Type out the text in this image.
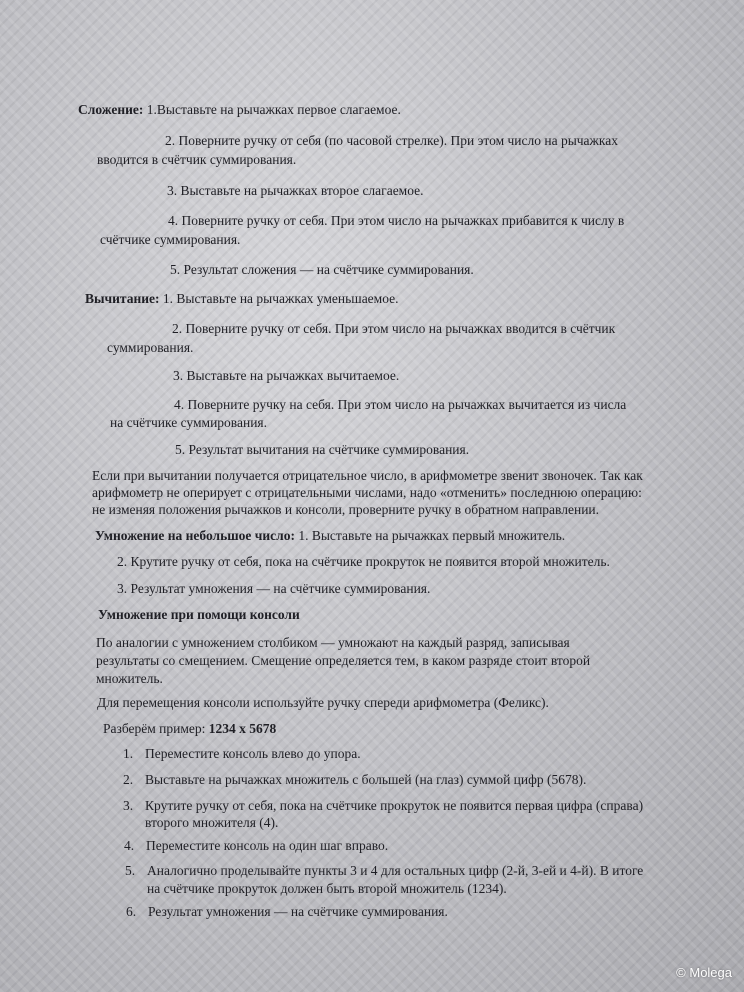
Сложение: 1.Выставьте на рычажках первое слагаемое.
2. Поверните ручку от себя (по часовой стрелке). При этом число на рычажках
вводится в счётчик суммирования.
3. Выставьте на рычажках второе слагаемое.
4. Поверните ручку от себя. При этом число на рычажках прибавится к числу в
счётчике суммирования.
5. Результат сложения — на счётчике суммирования.
Вычитание: 1. Выставьте на рычажках уменьшаемое.
2. Поверните ручку от себя. При этом число на рычажках вводится в счётчик
суммирования.
3. Выставьте на рычажках вычитаемое.
4. Поверните ручку на себя. При этом число на рычажках вычитается из числа
на счётчике суммирования.
5. Результат вычитания на счётчике суммирования.
Если при вычитании получается отрицательное число, в арифмометре звенит звоночек. Так как
арифмометр не оперирует с отрицательными числами, надо «отменить» последнюю операцию:
не изменяя положения рычажков и консоли, проверните ручку в обратном направлении.
Умножение на небольшое число: 1. Выставьте на рычажках первый множитель.
2. Крутите ручку от себя, пока на счётчике прокруток не появится второй множитель.
3. Результат умножения — на счётчике суммирования.
Умножение при помощи консоли
По аналогии с умножением столбиком — умножают на каждый разряд, записывая
результаты со смещением. Смещение определяется тем, в каком разряде стоит второй
множитель.
Для перемещения консоли используйте ручку спереди арифмометра (Феликс).
Разберём пример: 1234 х 5678
1. Переместите консоль влево до упора.
2. Выставьте на рычажках множитель с большей (на глаз) суммой цифр (5678).
3. Крутите ручку от себя, пока на счётчике прокруток не появится первая цифра (справа)
второго множителя (4).
4. Переместите консоль на один шаг вправо.
5. Аналогично проделывайте пункты 3 и 4 для остальных цифр (2-й, 3-ей и 4-й). В итоге
на счётчике прокруток должен быть второй множитель (1234).
6. Результат умножения — на счётчике суммирования.
© Molega
